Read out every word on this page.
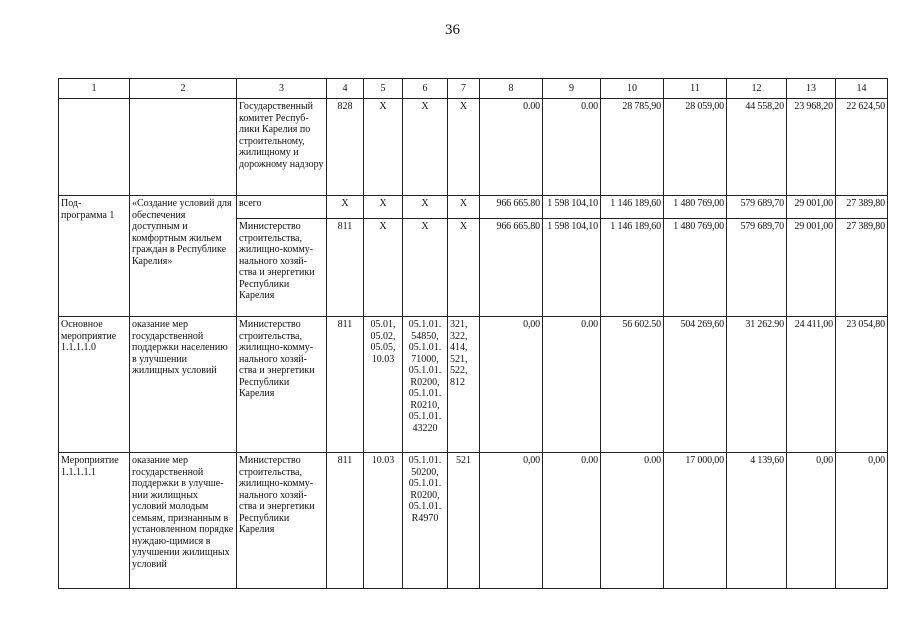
36
1	2	3	4	5	6	7	8	9	10	11	12	13	14
		Государственный комитет Респуб-лики Карелия по строительному, жилищному и дорожному надзору	828	X	X	X	0.00	0.00	28 785,90	28 059,00	44 558,20	23 968,20	22 624,50
Под-программа 1	«Создание условий для обеспечения доступным и комфортным жильем граждан в Республике Карелия»	всего	X	X	X	X	966 665.80	1 598 104,10	1 146 189,60	1 480 769,00	579 689,70	29 001,00	27 389,80
		Министерство строительства, жилищно-комму-нального хозяй-ства и энергетики Республики Карелия	811	X	X	X	966 665.80	1 598 104,10	1 146 189,60	1 480 769,00	579 689,70	29 001,00	27 389,80
Основное мероприятие 1.1.1.1.0	оказание мер государственной поддержки населению в улучшении жилищных условий	Министерство строительства, жилищно-комму-нального хозяй-ства и энергетики Республики Карелия	811	05.01, 05.02, 05.05, 10.03	05.1.01. 54850, 05.1.01. 71000, 05.1.01. R0200, 05.1.01. R0210, 05.1.01. 43220	321, 322, 414, 521, 522, 812	0,00	0.00	56 602.50	504 269,60	31 262.90	24 411,00	23 054,80
Мероприятие 1.1.1.1.1	оказание мер государственной поддержки в улучше-нии жилищных условий молодым семьям, признанным в установленном порядке нуждаю-щимися в улучшении жилищных условий	Министерство строительства, жилищно-комму-нального хозяй-ства и энергетики Республики Карелия	811	10.03	05.1.01. 50200, 05.1.01. R0200, 05.1.01. R4970	521	0,00	0.00	0.00	17 000,00	4 139,60	0,00	0,00
